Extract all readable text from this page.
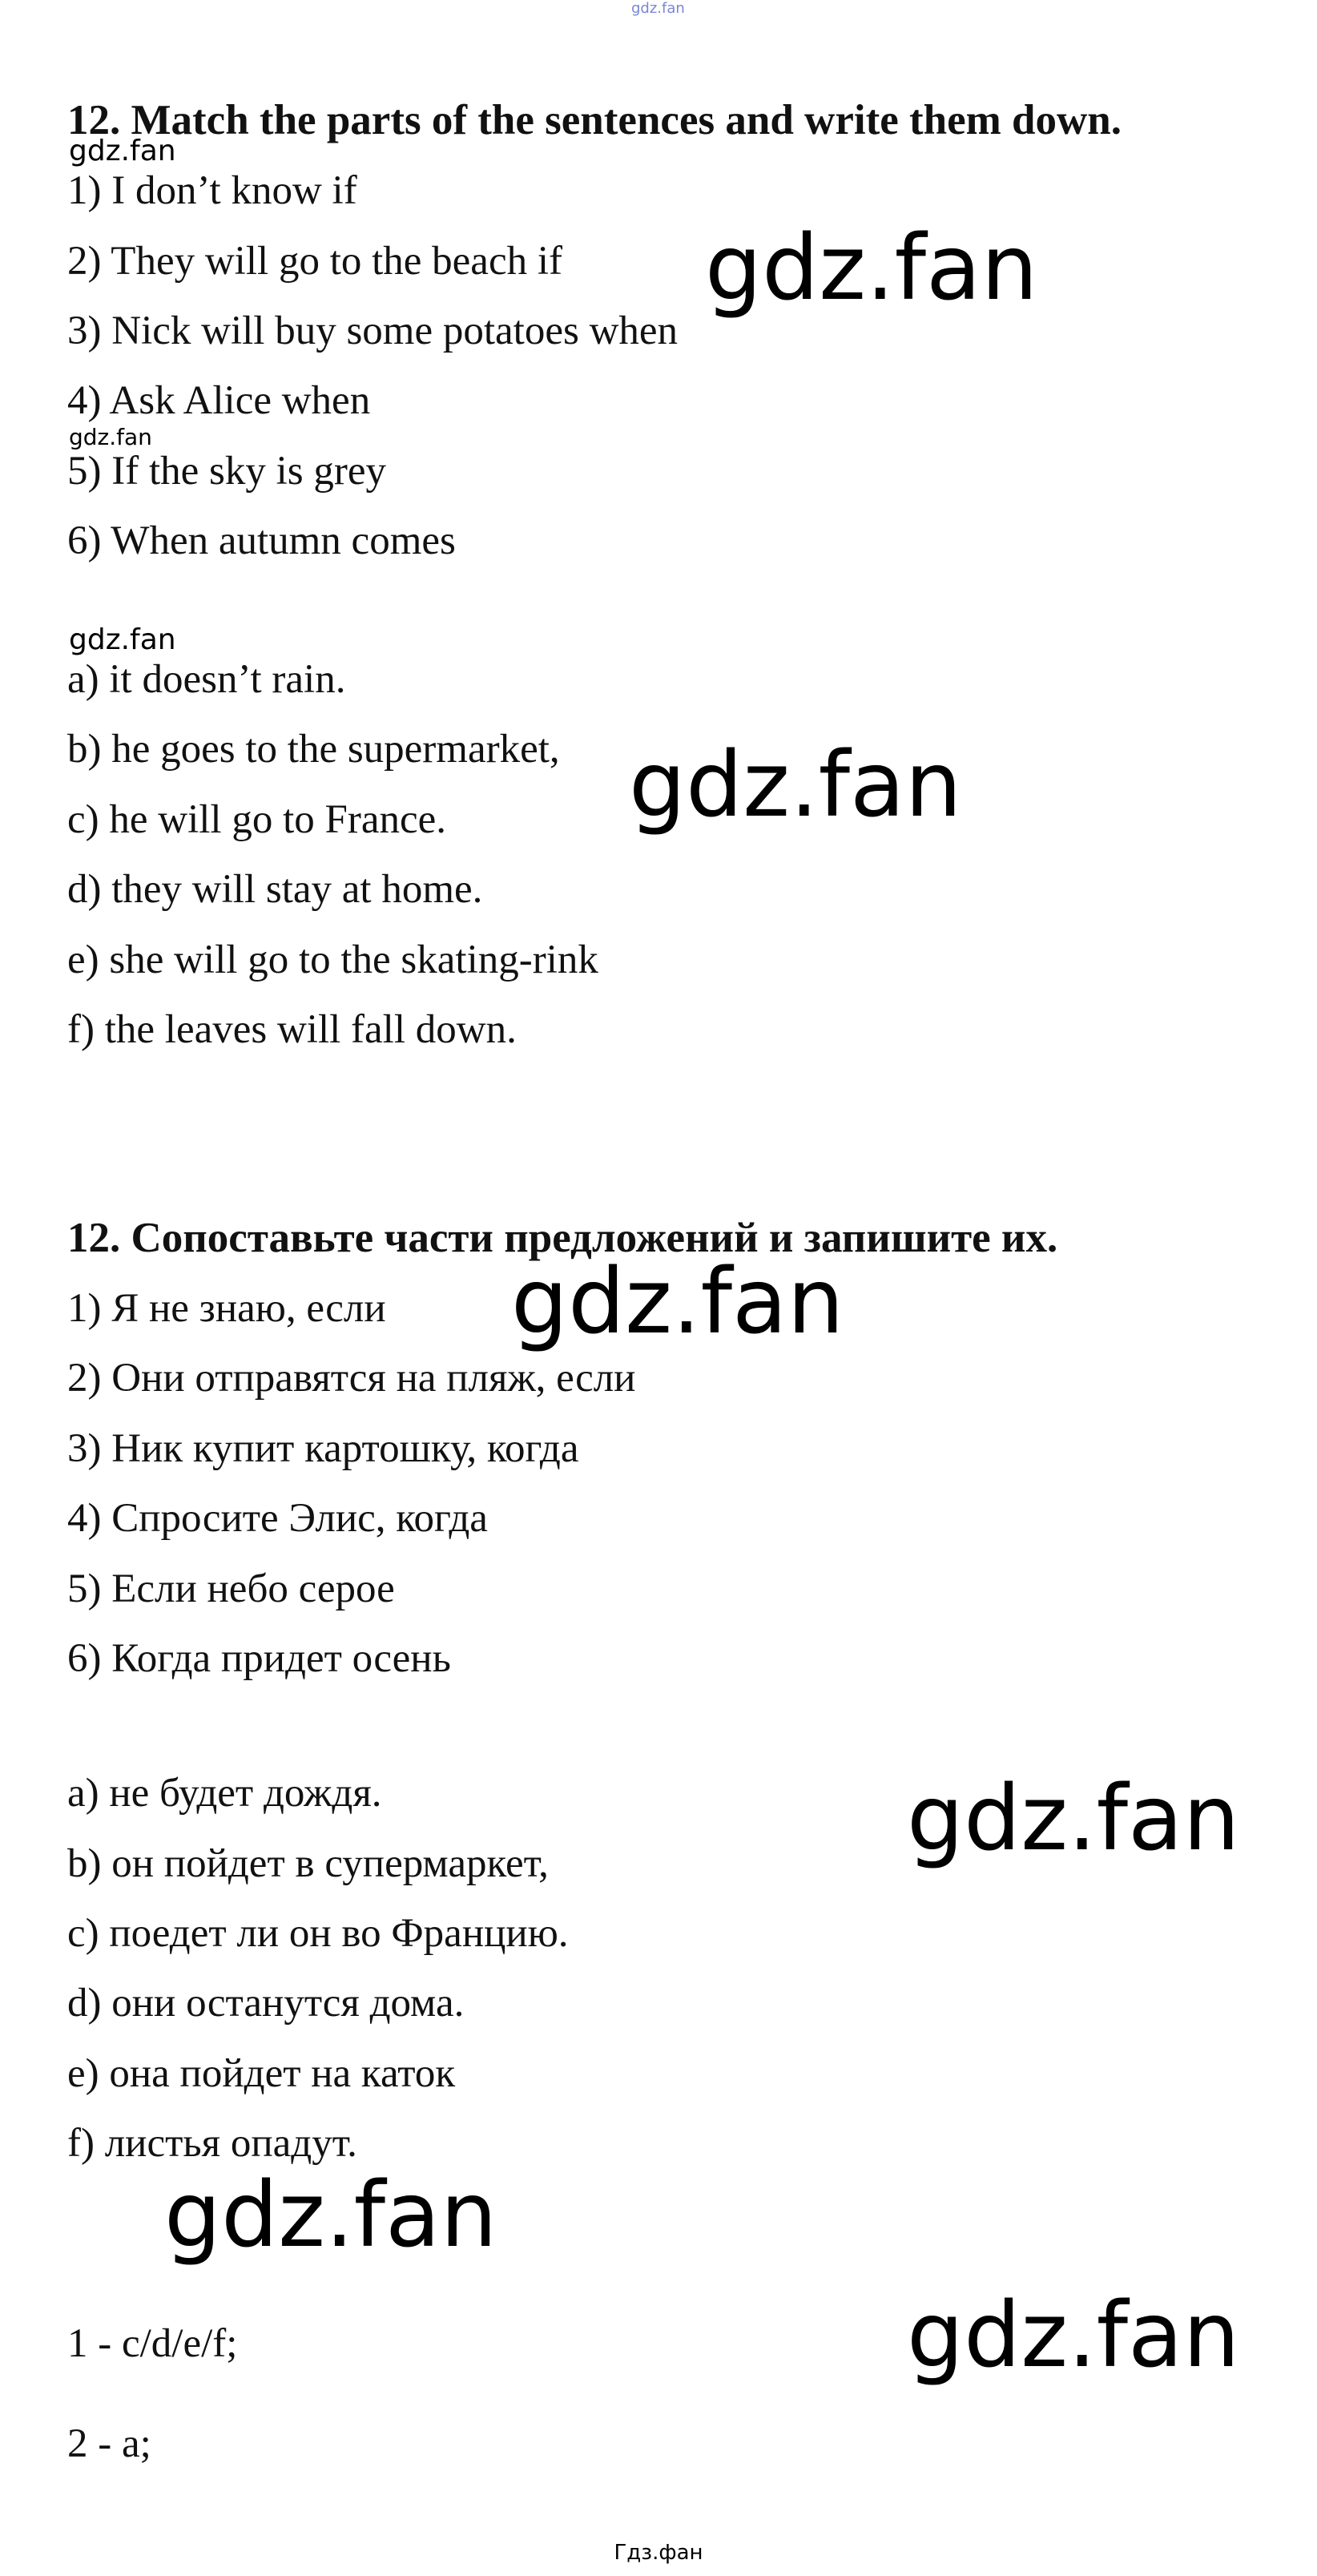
gdz.fan
12. Match the parts of the sentences and write them down.
gdz.fan
1) I don’t know if
2) They will go to the beach if
3) Nick will buy some potatoes when
4) Ask Alice when
gdz.fan
5) If the sky is grey
6) When autumn comes
gdz.fan
gdz.fan
a) it doesn’t rain.
b) he goes to the supermarket,
c) he will go to France.
d) they will stay at home.
e) she will go to the skating-rink
f) the leaves will fall down.
gdz.fan
12. Сопоставьте части предложений и запишите их.
1) Я не знаю, если
2) Они отправятся на пляж, если
3) Ник купит картошку, когда
4) Спросите Элис, когда
5) Если небо серое
6) Когда придет осень
gdz.fan
a) не будет дождя.
b) он пойдет в супермаркет,
c) поедет ли он во Францию.
d) они останутся дома.
e) она пойдет на каток
f) листья опадут.
gdz.fan
gdz.fan
1 - c/d/e/f;
2 - a;
gdz.fan
Гдз.фан
